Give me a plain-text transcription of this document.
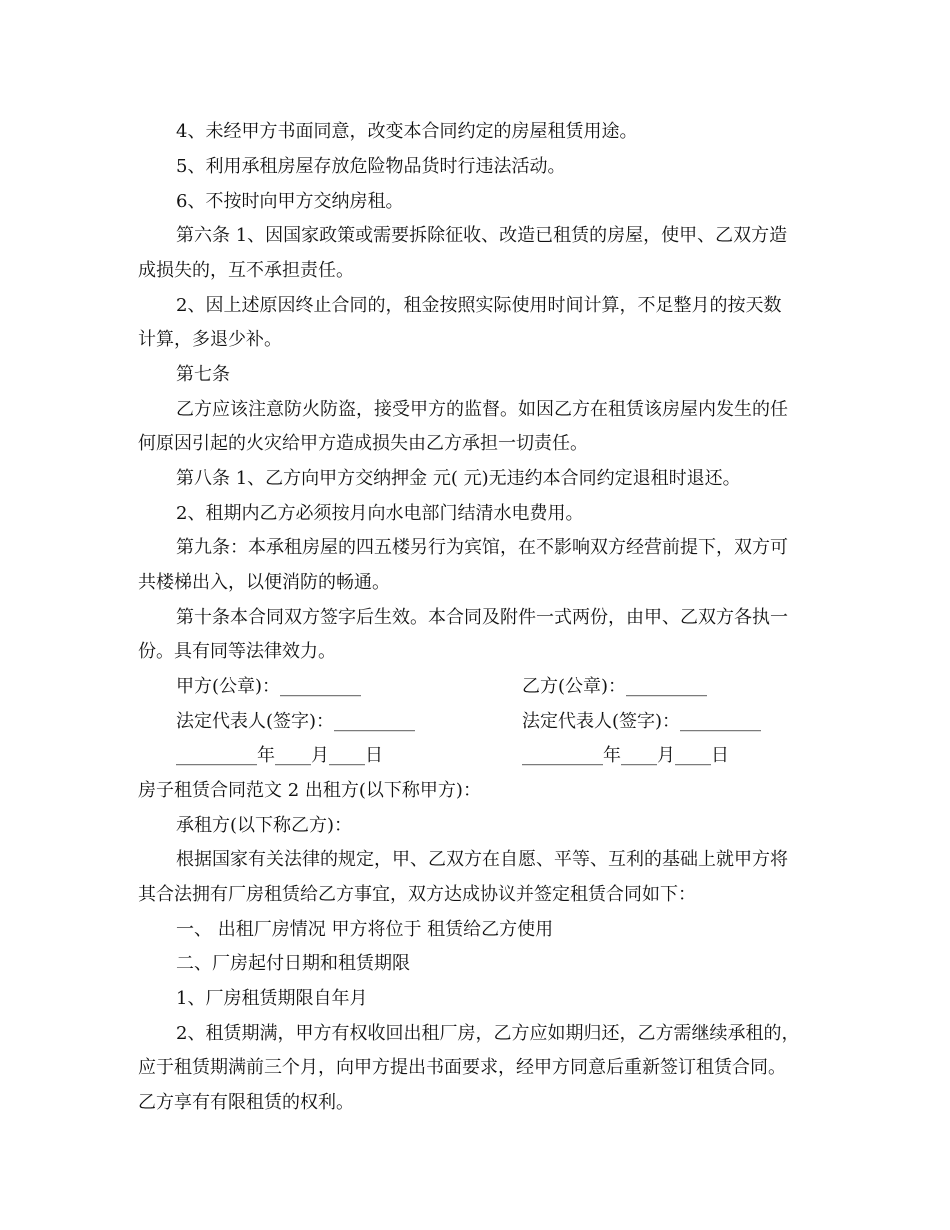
4、未经甲方书面同意，改变本合同约定的房屋租赁用途。
5、利用承租房屋存放危险物品货时行违法活动。
6、不按时向甲方交纳房租。
第六条 1、因国家政策或需要拆除征收、改造已租赁的房屋，使甲、乙双方造
成损失的，互不承担责任。
2、因上述原因终止合同的，租金按照实际使用时间计算，不足整月的按天数
计算，多退少补。
第七条
乙方应该注意防火防盗，接受甲方的监督。如因乙方在租赁该房屋内发生的任
何原因引起的火灾给甲方造成损失由乙方承担一切责任。
第八条 1、乙方向甲方交纳押金 元( 元)无违约本合同约定退租时退还。
2、租期内乙方必须按月向水电部门结清水电费用。
第九条：本承租房屋的四五楼另行为宾馆，在不影响双方经营前提下，双方可
共楼梯出入，以便消防的畅通。
第十条本合同双方签字后生效。本合同及附件一式两份，由甲、乙双方各执一
份。具有同等法律效力。
甲方(公章)：_________	乙方(公章)：_________
法定代表人(签字)：_________	法定代表人(签字)：_________
_________年____月____日	_________年____月____日
房子租赁合同范文 2 出租方(以下称甲方)：
承租方(以下称乙方)：
根据国家有关法律的规定，甲、乙双方在自愿、平等、互利的基础上就甲方将
其合法拥有厂房租赁给乙方事宜，双方达成协议并签定租赁合同如下：
一、 出租厂房情况 甲方将位于 租赁给乙方使用
二、厂房起付日期和租赁期限
1、厂房租赁期限自年月
2、租赁期满，甲方有权收回出租厂房，乙方应如期归还，乙方需继续承租的，
应于租赁期满前三个月，向甲方提出书面要求，经甲方同意后重新签订租赁合同。
乙方享有有限租赁的权利。
